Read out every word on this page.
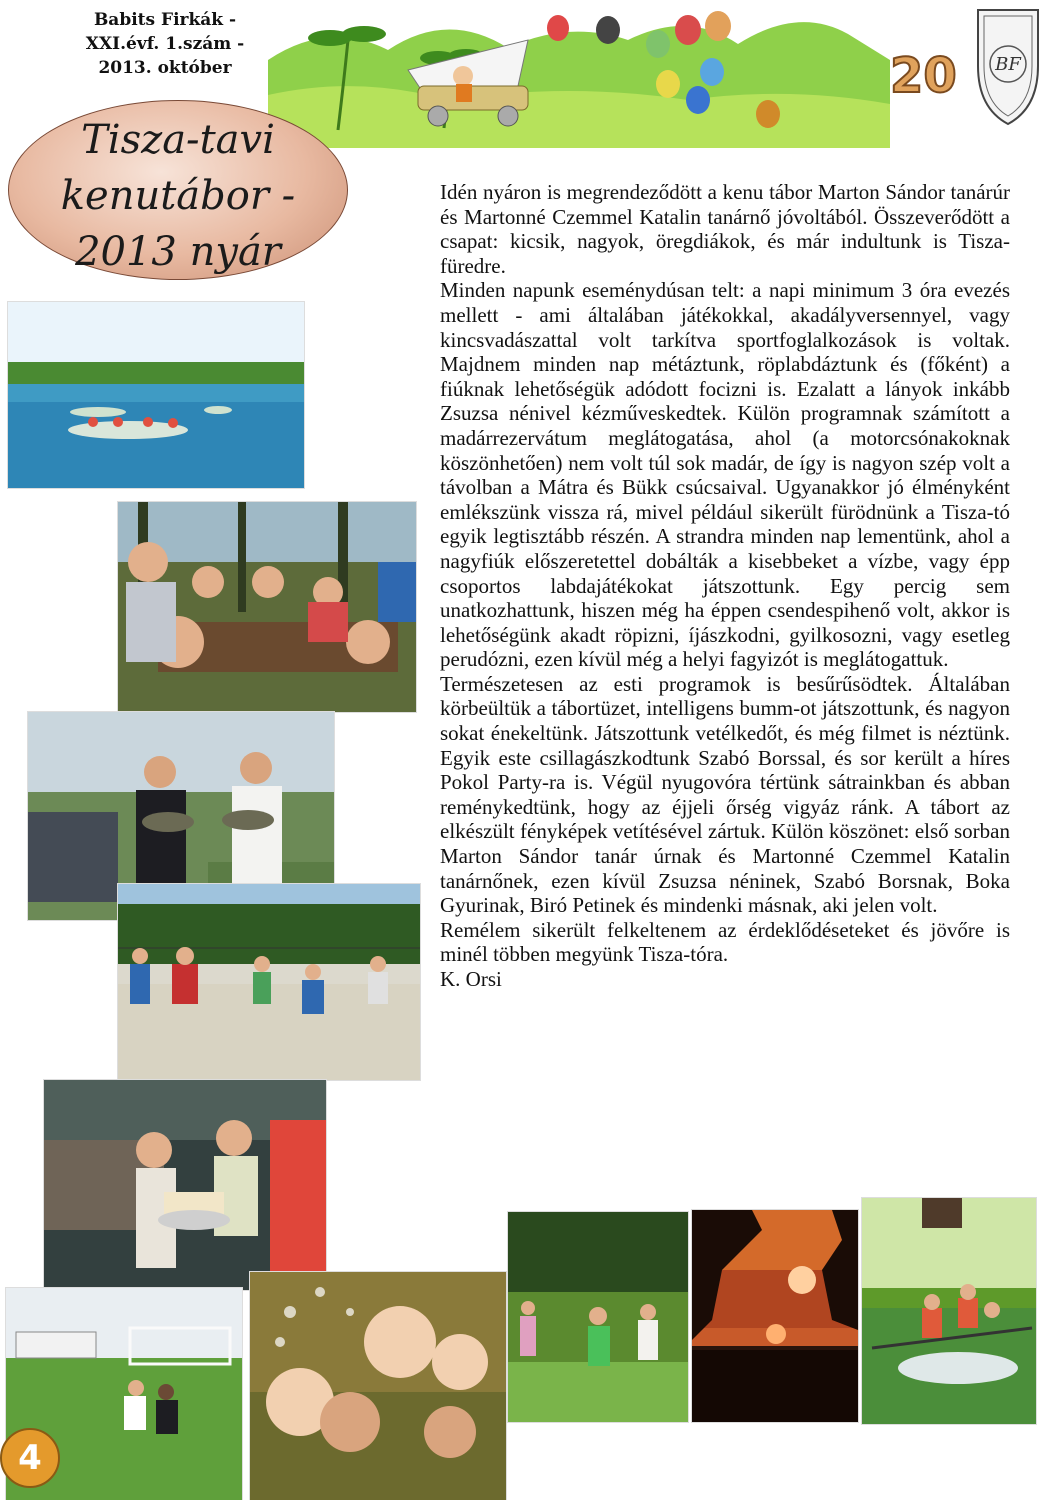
Babits Firkák -
XXI.évf. 1.szám -
2013. október	20	BF
Tisza-tavi
kenutábor -
2013 nyár

Idén nyáron is megrendeződött a kenu tábor Marton Sándor tanárúr és Martonné Czemmel Katalin tanárnő jóvoltából. Összeverődött a csapat: kicsik, nagyok, öregdiákok, és már indultunk is Tisza-füredre.

Minden napunk eseménydúsan telt: a napi minimum 3 óra evezés mellett - ami általában játékokkal, akadályversennyel, vagy kincsvadászattal volt tarkítva sportfoglalkozások is voltak. Majdnem minden nap métáztunk, röplabdáztunk és (főként) a fiúknak lehetőségük adódott focizni is. Ezalatt a lányok inkább Zsuzsa nénivel kézműveskedtek. Külön programnak számított a madárrezervátum meglátogatása, ahol (a motorcsónakoknak köszönhetően) nem volt túl sok madár, de így is nagyon szép volt a távolban a Mátra és Bükk csúcsaival. Ugyanakkor jó élményként emlékszünk vissza rá, mivel például sikerült fürödnünk a Tisza-tó egyik legtisztább részén. A strandra minden nap lementünk, ahol a nagyfiúk előszeretettel dobálták a kisebbeket a vízbe, vagy épp csoportos labdajátékokat játszottunk. Egy percig sem unatkozhattunk, hiszen még ha éppen csendespihenő volt, akkor is lehetőségünk akadt röpizni, íjászkodni, gyilkosozni, vagy esetleg perudózni, ezen kívül még a helyi fagyizót is meglátogattuk.

Természetesen az esti programok is besűrűsödtek. Általában körbeültük a tábortüzet, intelligens bumm-ot játszottunk, és nagyon sokat énekeltünk. Játszottunk vetélkedőt, és még filmet is néztünk. Egyik este csillagászkodtunk Szabó Borssal, és sor került a híres Pokol Party-ra is. Végül nyugovóra tértünk sátrainkban és abban reménykedtünk, hogy az éjjeli őrség vigyáz ránk. A tábort az elkészült fényképek vetítésével zártuk. Külön köszönet: első sorban Marton Sándor tanár úrnak és Martonné Czemmel Katalin tanárnőnek, ezen kívül Zsuzsa néninek, Szabó Borsnak, Boka Gyurinak, Biró Petinek és mindenki másnak, aki jelen volt.

Remélem sikerült felkeltenem az érdeklődéseteket és jövőre is minél többen megyünk Tisza-tóra.

K. Orsi

4
